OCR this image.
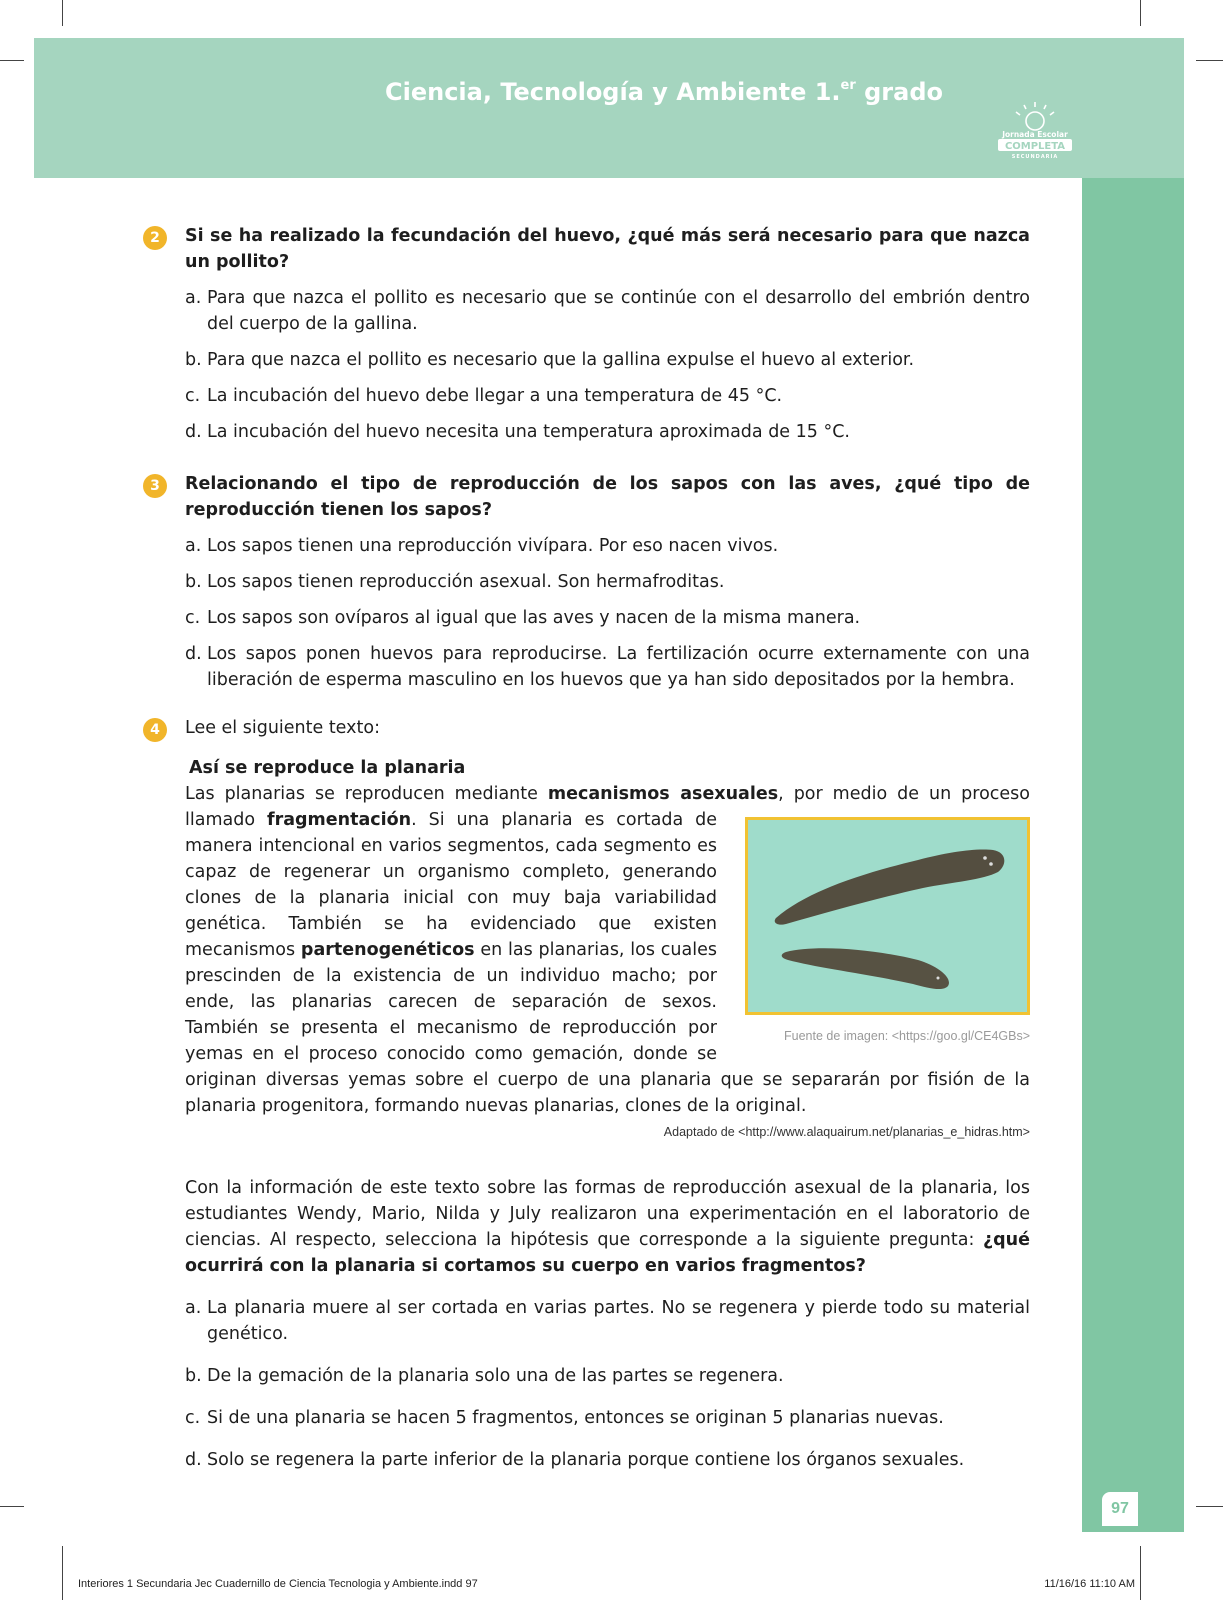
Ciencia, Tecnología y Ambiente 1.$^{er}$ grado
Jornada Escolar
COMPLETA
SECUNDARIA
97
2	Si se ha realizado la fecundación del huevo, ¿qué más será necesario para que nazca un pollito?
a. Para que nazca el pollito es necesario que se continúe con el desarrollo del embrión dentro del cuerpo de la gallina.
b. Para que nazca el pollito es necesario que la gallina expulse el huevo al exterior.
c. La incubación del huevo debe llegar a una temperatura de 45 °C.
d. La incubación del huevo necesita una temperatura aproximada de 15 °C.
3	Relacionando el tipo de reproducción de los sapos con las aves, ¿qué tipo de reproducción tienen los sapos?
a. Los sapos tienen una reproducción vivípara. Por eso nacen vivos.
b. Los sapos tienen reproducción asexual. Son hermafroditas.
c. Los sapos son ovíparos al igual que las aves y nacen de la misma manera.
d. Los sapos ponen huevos para reproducirse. La fertilización ocurre externamente con una liberación de esperma masculino en los huevos que ya han sido depositados por la hembra.
4	Lee el siguiente texto:
Así se reproduce la planaria
Las planarias se reproducen mediante mecanismos asexuales, por medio de un proceso llamado fragmentación
Fuente de imagen: <https://goo.gl/CE4GBs>
. Si una planaria es cortada de manera intencional en varios segmentos, cada segmento es capaz de regenerar un organismo completo, generando clones de la planaria inicial con muy baja variabilidad genética. También se ha evidenciado que existen mecanismos partenogenéticos en las planarias, los cuales prescinden de la existencia de un individuo macho; por ende, las planarias carecen de separación de sexos. También se presenta el mecanismo de reproducción por yemas en el proceso conocido como gemación, donde se originan diversas yemas sobre el cuerpo de una planaria que se separarán por fisión de la planaria progenitora, formando nuevas planarias, clones de la original.
Adaptado de <http://www.alaquairum.net/planarias_e_hidras.htm>
Con la información de este texto sobre las formas de reproducción asexual de la planaria, los estudiantes Wendy, Mario, Nilda y July realizaron una experimentación en el laboratorio de ciencias. Al respecto, selecciona la hipótesis que corresponde a la siguiente pregunta: ¿qué ocurrirá con la planaria si cortamos su cuerpo en varios fragmentos?
a. La planaria muere al ser cortada en varias partes. No se regenera y pierde todo su material genético.
b. De la gemación de la planaria solo una de las partes se regenera.
c. Si de una planaria se hacen 5 fragmentos, entonces se originan 5 planarias nuevas.
d. Solo se regenera la parte inferior de la planaria porque contiene los órganos sexuales.
Interiores 1 Secundaria Jec Cuadernillo de Ciencia Tecnologia y Ambiente.indd 97	11/16/16 11:10 AM
